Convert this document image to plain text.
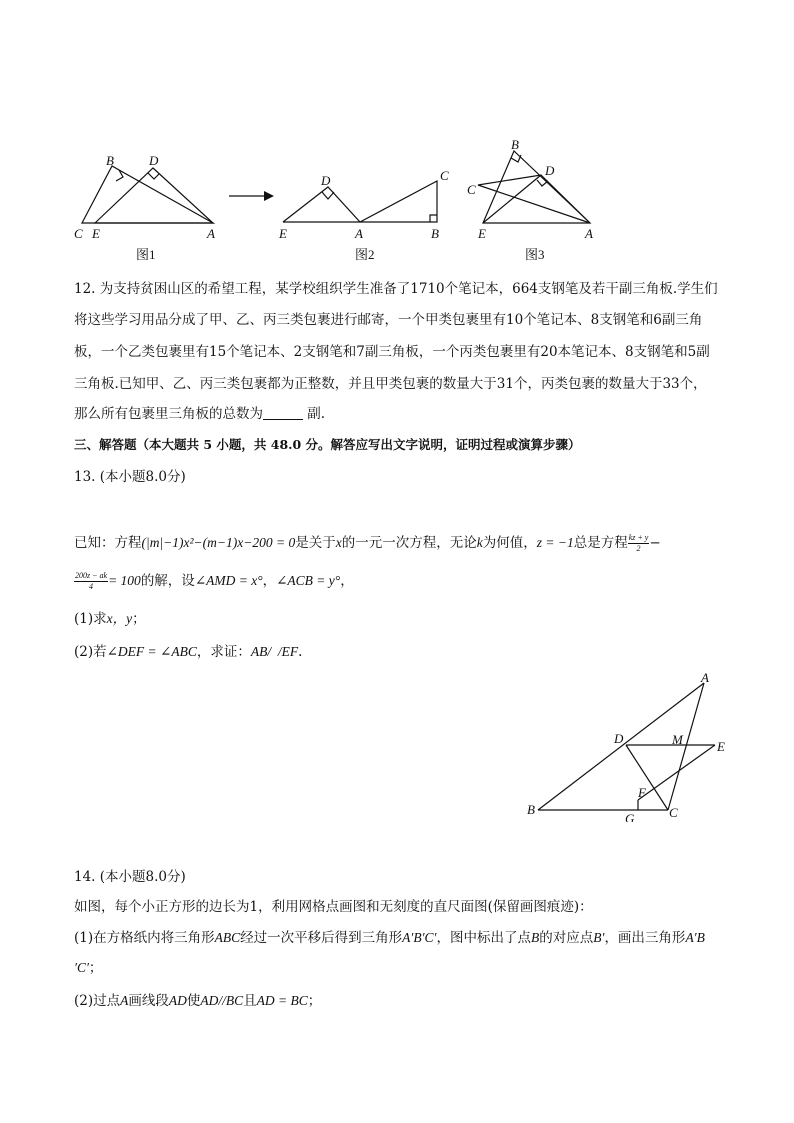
B	D
C E	A
图1
D	C
E	A	B
图2
B
C
D
E	A
图3
12. 为支持贫困山区的希望工程，某学校组织学生准备了1710个笔记本，664支钢笔及若干副三角板.学生们
将这些学习用品分成了甲、乙、丙三类包裹进行邮寄，一个甲类包裹里有10个笔记本、8支钢笔和6副三角
板，一个乙类包裹里有15个笔记本、2支钢笔和7副三角板，一个丙类包裹里有20本笔记本、8支钢笔和5副
三角板.已知甲、乙、丙三类包裹都为正整数，并且甲类包裹的数量大于31个，丙类包裹的数量大于33个，
那么所有包裹里三角板的总数为	副.
三、解答题（本大题共 5 小题，共 48.0 分。解答应写出文字说明，证明过程或演算步骤）
13. (本小题8.0分)
已知：方程(|m|−1)x²−(m−1)x−200 = 0是关于x的一元一次方程，无论k为何值，z = −1总是方程 $\frac{kz + y}{2}$ −
$\frac{200z - ak}{4} = 100$的解，设∠AMD = x°，∠ACB = y°，
(1)求x，y；
(2)若∠DEF = ∠ABC，求证：AB/  /EF.
A
D	M	E
F
B
G	C
14. (本小题8.0分)
如图，每个小正方形的边长为1，利用网格点画图和无刻度的直尺面图(保留画图痕迹)：
(1)在方格纸内将三角形ABC经过一次平移后得到三角形A′B′C′，图中标出了点B的对应点B′，画出三角形A′B
′C′；
(2)过点A画线段AD使AD//BC且AD = BC；
